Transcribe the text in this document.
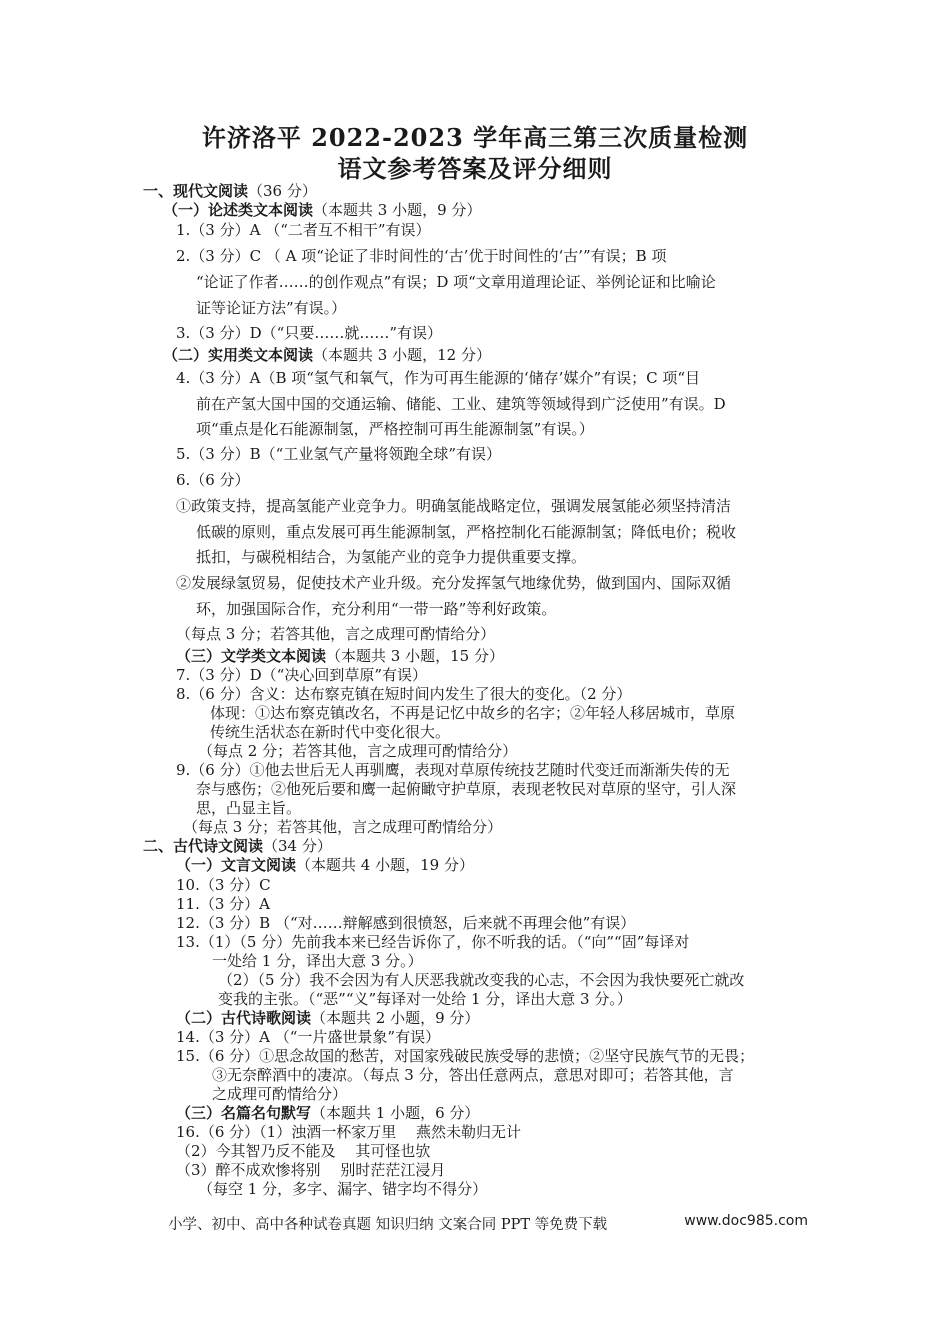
许济洛平 2022-2023 学年高三第三次质量检测
语文参考答案及评分细则
一、现代文阅读（36 分）
（一）论述类文本阅读（本题共 3 小题，9 分）
1.（3 分）A （“二者互不相干”有误）
2.（3 分）C （ A 项“论证了非时间性的‘古’优于时间性的‘古’”有误；B 项
“论证了作者……的创作观点”有误；D 项“文章用道理论证、举例论证和比喻论
证等论证方法”有误。）
3.（3 分）D（“只要……就……”有误）
（二）实用类文本阅读（本题共 3 小题，12 分）
4.（3 分）A（B 项“氢气和氧气，作为可再生能源的‘储存’媒介”有误；C 项“目
前在产氢大国中国的交通运输、储能、工业、建筑等领域得到广泛使用”有误。D
项“重点是化石能源制氢，严格控制可再生能源制氢”有误。）
5.（3 分）B（“工业氢气产量将领跑全球”有误）
6.（6 分）
①政策支持，提高氢能产业竞争力。明确氢能战略定位，强调发展氢能必须坚持清洁
低碳的原则，重点发展可再生能源制氢，严格控制化石能源制氢；降低电价；税收
抵扣，与碳税相结合，为氢能产业的竞争力提供重要支撑。
②发展绿氢贸易，促使技术产业升级。充分发挥氢气地缘优势，做到国内、国际双循
环，加强国际合作，充分利用“一带一路”等利好政策。
（每点 3 分；若答其他，言之成理可酌情给分）
（三）文学类文本阅读（本题共 3 小题，15 分）
7.（3 分）D（“决心回到草原”有误）
8.（6 分）含义：达布察克镇在短时间内发生了很大的变化。（2 分）
体现：①达布察克镇改名，不再是记忆中故乡的名字；②年轻人移居城市，草原
传统生活状态在新时代中变化很大。
（每点 2 分；若答其他，言之成理可酌情给分）
9.（6 分）①他去世后无人再驯鹰，表现对草原传统技艺随时代变迁而渐渐失传的无
奈与感伤；②他死后要和鹰一起俯瞰守护草原，表现老牧民对草原的坚守，引人深
思，凸显主旨。
（每点 3 分；若答其他，言之成理可酌情给分）
二、古代诗文阅读（34 分）
（一）文言文阅读（本题共 4 小题，19 分）
10.（3 分）C
11.（3 分）A
12.（3 分）B （“对……辩解感到很愤怒，后来就不再理会他”有误）
13.（1）（5 分）先前我本来已经告诉你了，你不听我的话。（“向”“固”每译对
一处给 1 分，译出大意 3 分。）
（2）（5 分）我不会因为有人厌恶我就改变我的心志，不会因为我快要死亡就改
变我的主张。（“恶”“义”每译对一处给 1 分，译出大意 3 分。）
（二）古代诗歌阅读（本题共 2 小题，9 分）
14.（3 分）A （“一片盛世景象”有误）
15.（6 分）①思念故国的愁苦，对国家残破民族受辱的悲愤；②坚守民族气节的无畏；
③无奈醉酒中的凄凉。（每点 3 分，答出任意两点，意思对即可；若答其他，言
之成理可酌情给分）
（三）名篇名句默写（本题共 1 小题，6 分）
16.（6 分）（1）浊酒一杯家万里　 燕然未勒归无计
（2）今其智乃反不能及　 其可怪也欤
（3）醉不成欢惨将别　 别时茫茫江浸月
（每空 1 分，多字、漏字、错字均不得分）
小学、初中、高中各种试卷真题 知识归纳 文案合同 PPT 等免费下载	www.doc985.com
